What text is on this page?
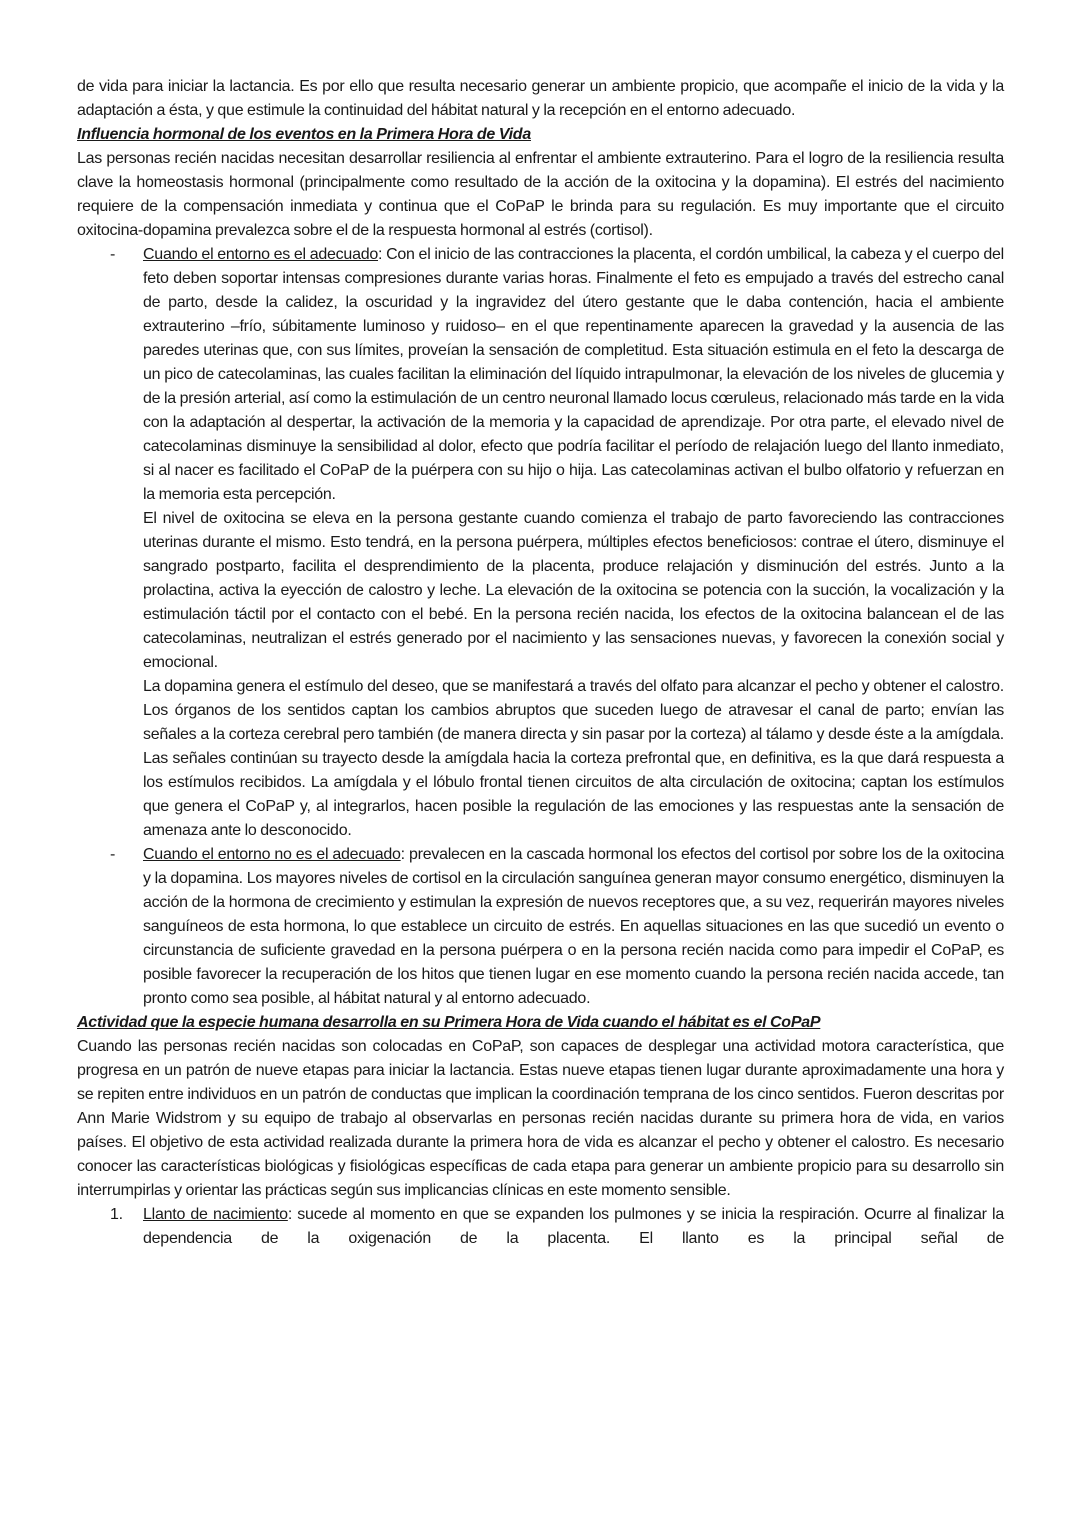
de vida para iniciar la lactancia. Es por ello que resulta necesario generar un ambiente propicio, que acompañe el inicio de la vida y la adaptación a ésta, y que estimule la continuidad del hábitat natural y la recepción en el entorno adecuado.

Influencia hormonal de los eventos en la Primera Hora de Vida

Las personas recién nacidas necesitan desarrollar resiliencia al enfrentar el ambiente extrauterino. Para el logro de la resiliencia resulta clave la homeostasis hormonal (principalmente como resultado de la acción de la oxitocina y la dopamina). El estrés del nacimiento requiere de la compensación inmediata y continua que el CoPaP le brinda para su regulación. Es muy importante que el circuito oxitocina-dopamina prevalezca sobre el de la respuesta hormonal al estrés (cortisol).

- Cuando el entorno es el adecuado: Con el inicio de las contracciones la placenta, el cordón umbilical, la cabeza y el cuerpo del feto deben soportar intensas compresiones durante varias horas. Finalmente el feto es empujado a través del estrecho canal de parto, desde la calidez, la oscuridad y la ingravidez del útero gestante que le daba contención, hacia el ambiente extrauterino –frío, súbitamente luminoso y ruidoso– en el que repentinamente aparecen la gravedad y la ausencia de las paredes uterinas que, con sus límites, proveían la sensación de completitud. Esta situación estimula en el feto la descarga de un pico de catecolaminas, las cuales facilitan la eliminación del líquido intrapulmonar, la elevación de los niveles de glucemia y de la presión arterial, así como la estimulación de un centro neuronal llamado locus cœruleus, relacionado más tarde en la vida con la adaptación al despertar, la activación de la memoria y la capacidad de aprendizaje. Por otra parte, el elevado nivel de catecolaminas disminuye la sensibilidad al dolor, efecto que podría facilitar el período de relajación luego del llanto inmediato, si al nacer es facilitado el CoPaP de la puérpera con su hijo o hija. Las catecolaminas activan el bulbo olfatorio y refuerzan en la memoria esta percepción.

El nivel de oxitocina se eleva en la persona gestante cuando comienza el trabajo de parto favoreciendo las contracciones uterinas durante el mismo. Esto tendrá, en la persona puérpera, múltiples efectos beneficiosos: contrae el útero, disminuye el sangrado postparto, facilita el desprendimiento de la placenta, produce relajación y disminución del estrés. Junto a la prolactina, activa la eyección de calostro y leche. La elevación de la oxitocina se potencia con la succión, la vocalización y la estimulación táctil por el contacto con el bebé. En la persona recién nacida, los efectos de la oxitocina balancean el de las catecolaminas, neutralizan el estrés generado por el nacimiento y las sensaciones nuevas, y favorecen la conexión social y emocional.

La dopamina genera el estímulo del deseo, que se manifestará a través del olfato para alcanzar el pecho y obtener el calostro. Los órganos de los sentidos captan los cambios abruptos que suceden luego de atravesar el canal de parto; envían las señales a la corteza cerebral pero también (de manera directa y sin pasar por la corteza) al tálamo y desde éste a la amígdala. Las señales continúan su trayecto desde la amígdala hacia la corteza prefrontal que, en definitiva, es la que dará respuesta a los estímulos recibidos. La amígdala y el lóbulo frontal tienen circuitos de alta circulación de oxitocina; captan los estímulos que genera el CoPaP y, al integrarlos, hacen posible la regulación de las emociones y las respuestas ante la sensación de amenaza ante lo desconocido.

- Cuando el entorno no es el adecuado: prevalecen en la cascada hormonal los efectos del cortisol por sobre los de la oxitocina y la dopamina. Los mayores niveles de cortisol en la circulación sanguínea generan mayor consumo energético, disminuyen la acción de la hormona de crecimiento y estimulan la expresión de nuevos receptores que, a su vez, requerirán mayores niveles sanguíneos de esta hormona, lo que establece un circuito de estrés. En aquellas situaciones en las que sucedió un evento o circunstancia de suficiente gravedad en la persona puérpera o en la persona recién nacida como para impedir el CoPaP, es posible favorecer la recuperación de los hitos que tienen lugar en ese momento cuando la persona recién nacida accede, tan pronto como sea posible, al hábitat natural y al entorno adecuado.

Actividad que la especie humana desarrolla en su Primera Hora de Vida cuando el hábitat es el CoPaP

Cuando las personas recién nacidas son colocadas en CoPaP, son capaces de desplegar una actividad motora característica, que progresa en un patrón de nueve etapas para iniciar la lactancia. Estas nueve etapas tienen lugar durante aproximadamente una hora y se repiten entre individuos en un patrón de conductas que implican la coordinación temprana de los cinco sentidos. Fueron descritas por Ann Marie Widstrom y su equipo de trabajo al observarlas en personas recién nacidas durante su primera hora de vida, en varios países. El objetivo de esta actividad realizada durante la primera hora de vida es alcanzar el pecho y obtener el calostro. Es necesario conocer las características biológicas y fisiológicas específicas de cada etapa para generar un ambiente propicio para su desarrollo sin interrumpirlas y orientar las prácticas según sus implicancias clínicas en este momento sensible.

1. Llanto de nacimiento: sucede al momento en que se expanden los pulmones y se inicia la respiración. Ocurre al finalizar la dependencia de la oxigenación de la placenta. El llanto es la principal señal de
